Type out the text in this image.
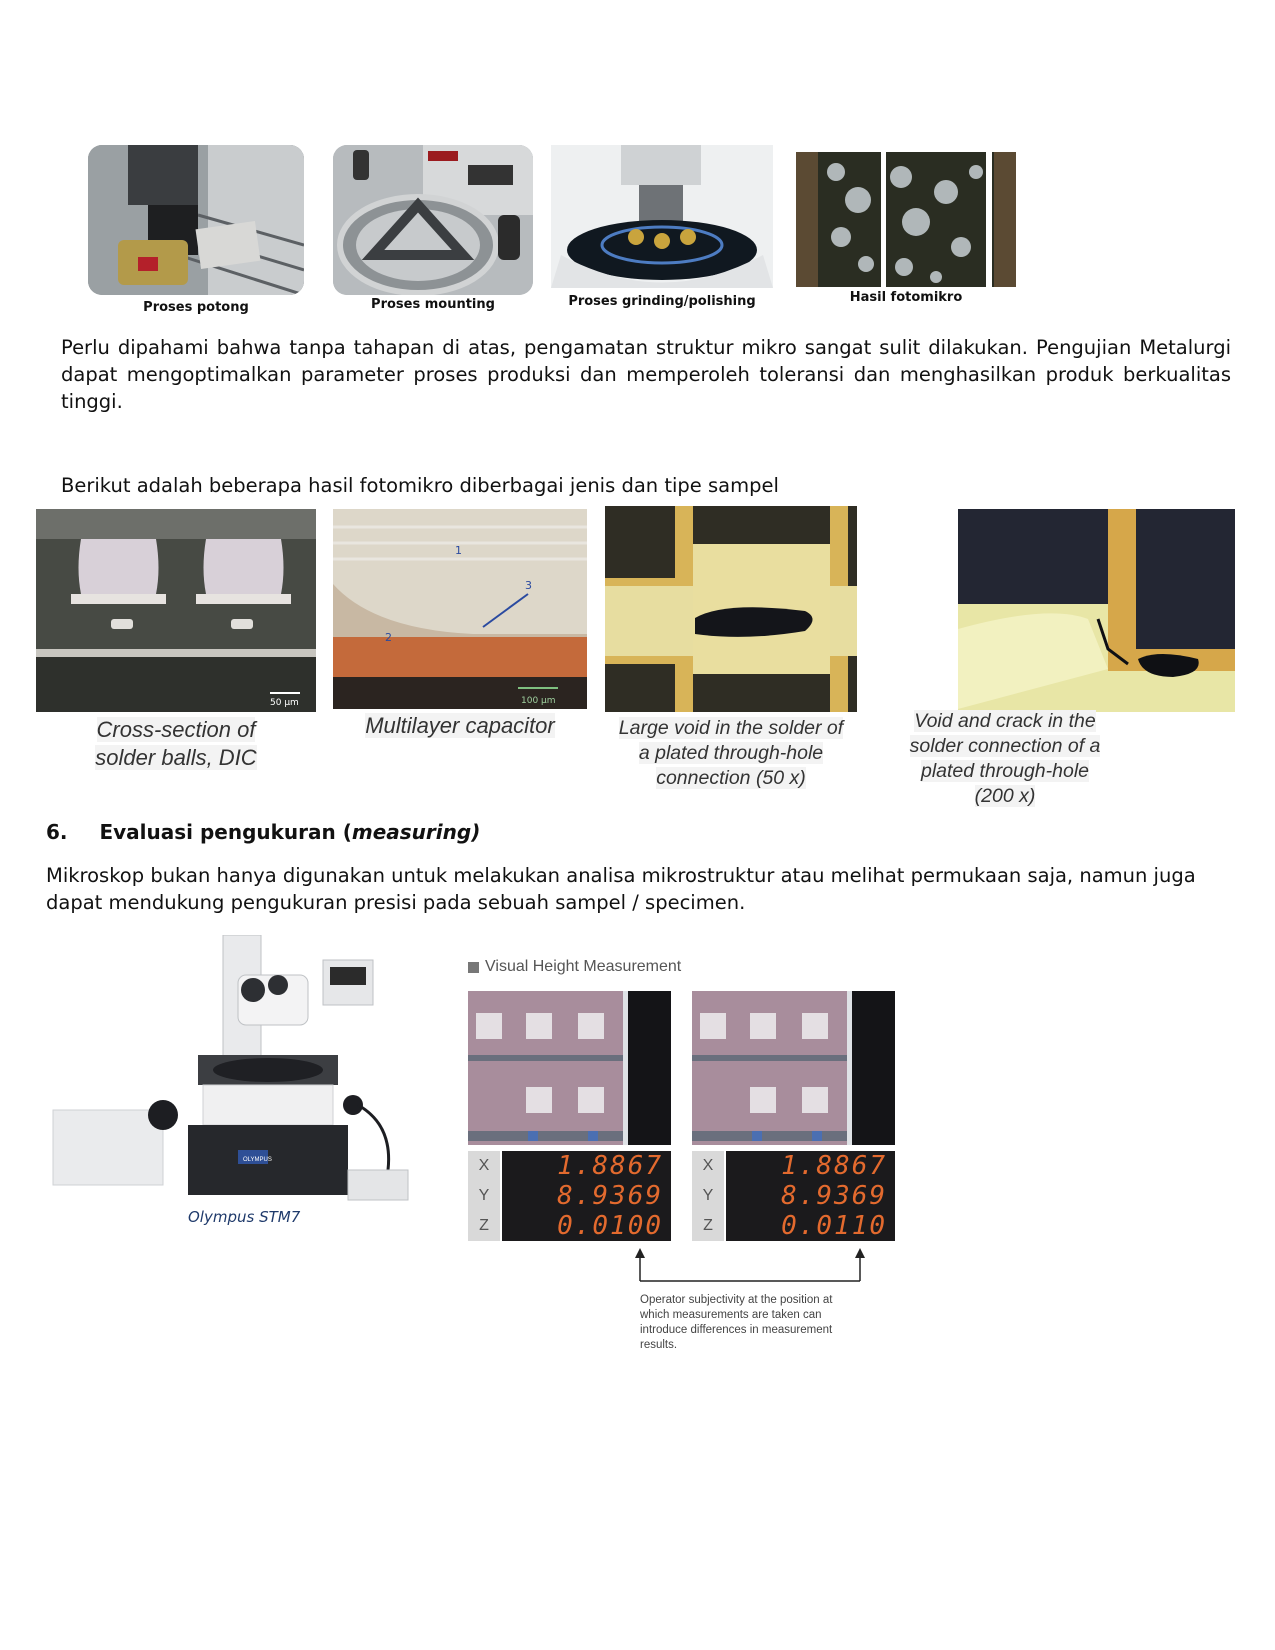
Proses potong	Proses mounting	Proses grinding/polishing	Hasil fotomikro
Perlu dipahami bahwa tanpa tahapan di atas, pengamatan struktur mikro sangat sulit dilakukan. Pengujian Metalurgi dapat mengoptimalkan parameter proses produksi dan memperoleh toleransi dan menghasilkan produk berkualitas tinggi.
Berikut adalah beberapa hasil fotomikro diberbagai jenis dan tipe sampel
50 µm
Cross-section of
solder balls, DIC
1
2
3
100 µm
Multilayer capacitor	Large void in the solder of
a plated through-hole
connection (50 x)
Void and crack in the
solder connection of a
plated through-hole
(200 x)
6. Evaluasi pengukuran (measuring)
Mikroskop bukan hanya digunakan untuk melakukan analisa mikrostruktur atau melihat permukaan saja, namun juga dapat mendukung pengukuran presisi pada sebuah sampel / specimen.
OLYMPUS
Olympus STM7
Visual Height Measurement
X
Y
Z
1.8867
8.9369
0.0100
X
Y
Z
1.8867
8.9369
0.0110
Operator subjectivity at the position at which measurements are taken can introduce differences in measurement results.
